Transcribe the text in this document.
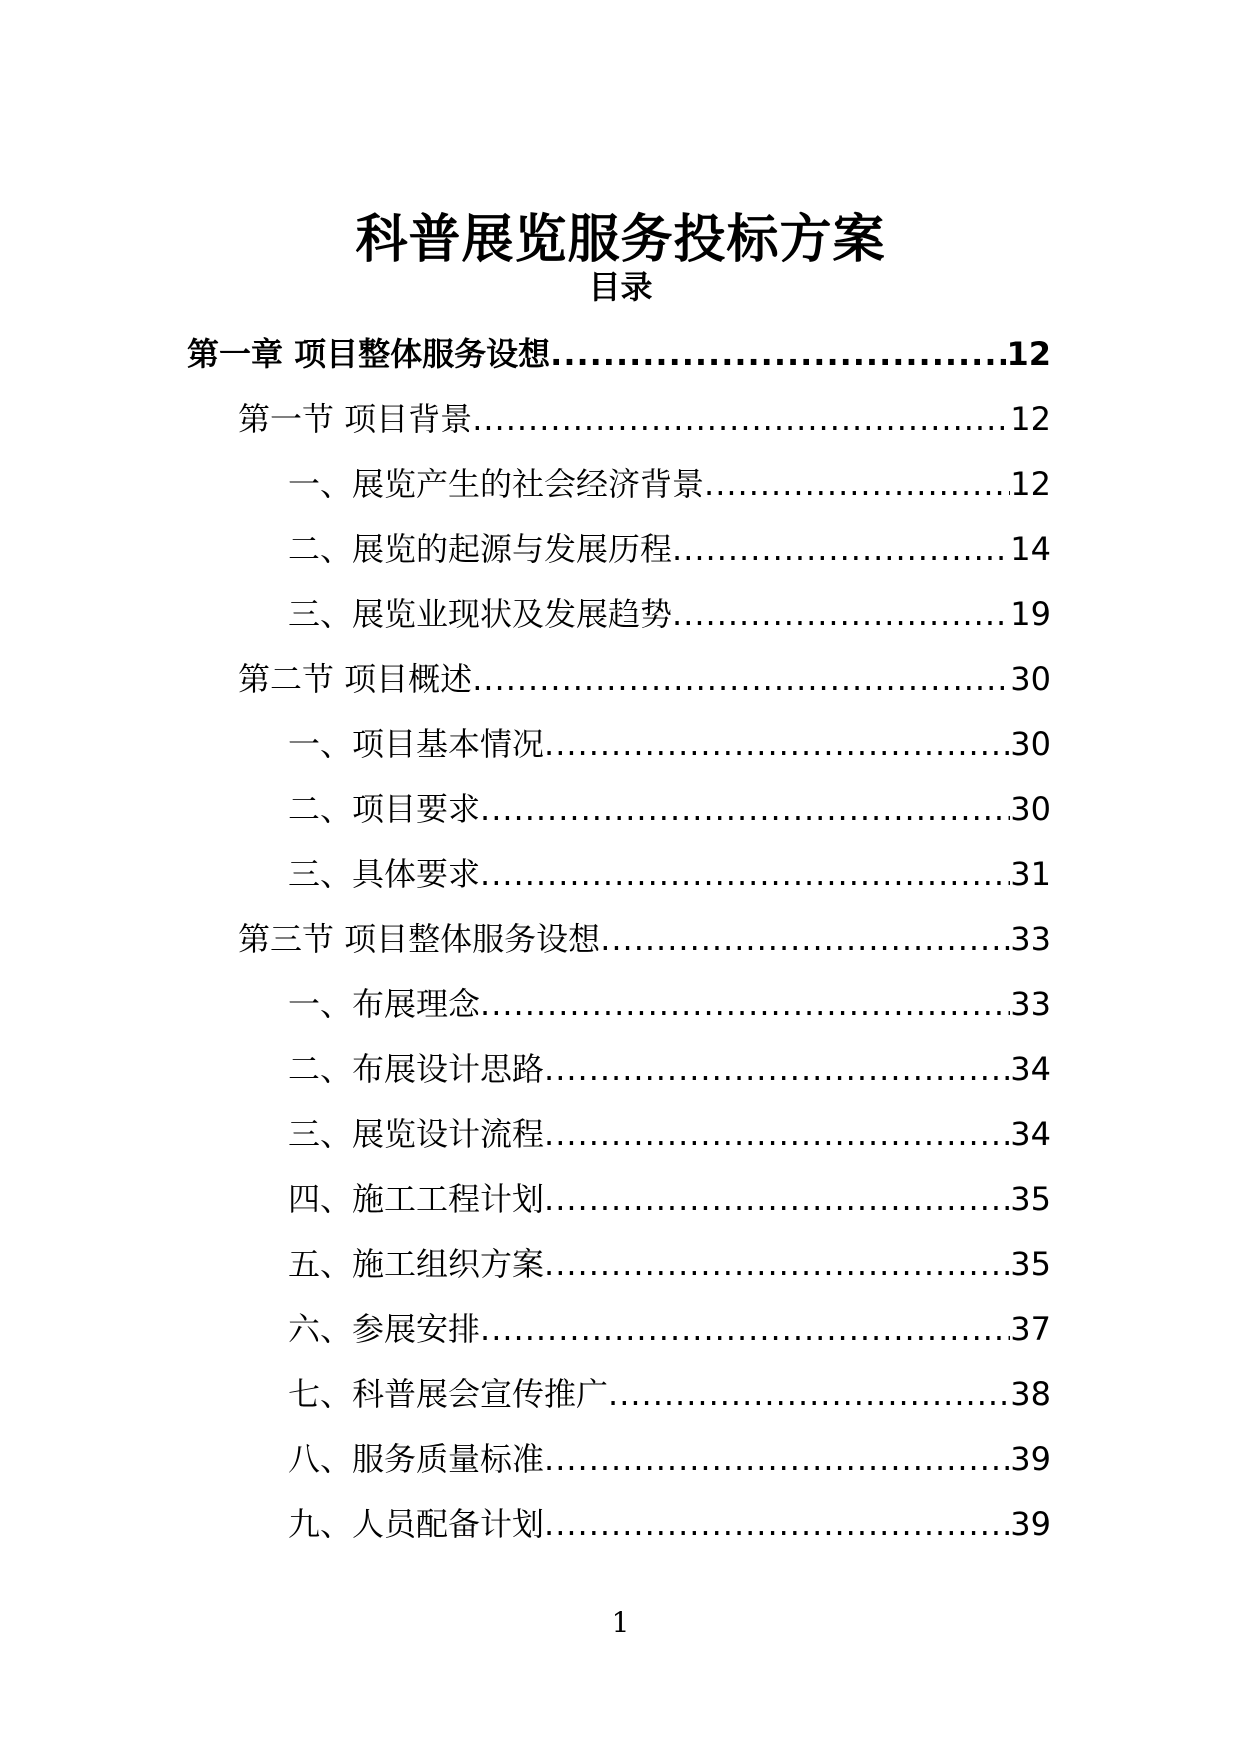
科普展览服务投标方案
目录
第一章 项目整体服务设想 .....	12
第一节 项目背景 .....	12
一、展览产生的社会经济背景 .....	12
二、展览的起源与发展历程 .....	14
三、展览业现状及发展趋势 .....	19
第二节 项目概述 .....	30
一、项目基本情况 .....	30
二、项目要求 .....	30
三、具体要求 .....	31
第三节 项目整体服务设想 .....	33
一、布展理念 .....	33
二、布展设计思路 .....	34
三、展览设计流程 .....	34
四、施工工程计划 .....	35
五、施工组织方案 .....	35
六、参展安排 .....	37
七、科普展会宣传推广 .....	38
八、服务质量标准 .....	39
九、人员配备计划 .....	39
1
